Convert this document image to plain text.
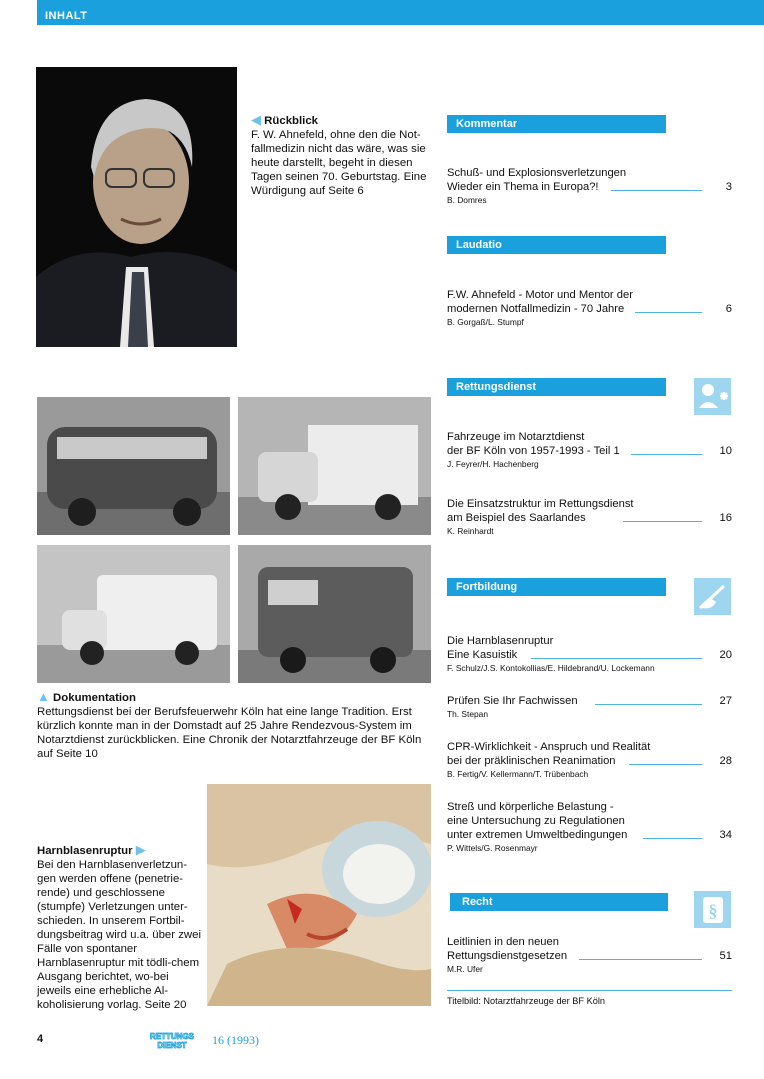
INHALT
◀ Rückblick
F. W. Ahnefeld, ohne den die Not-fallmedizin nicht das wäre, was sie heute darstellt, begeht in diesen Tagen seinen 70. Geburtstag. Eine Würdigung auf Seite 6
▲ Dokumentation
Rettungsdienst bei der Berufsfeuerwehr Köln hat eine lange Tradition. Erst kürzlich konnte man in der Domstadt auf 25 Jahre Rendezvous-System im Notarztdienst zurückblicken. Eine Chronik der Notarztfahrzeuge der BF Köln auf Seite 10
Harnblasenruptur ▶
Bei den Harnblasenverletzun-gen werden offene (penetrie-rende) und geschlossene (stumpfe) Verletzungen unter-schieden. In unserem Fortbil-dungsbeitrag wird u.a. über zwei Fälle von spontaner Harnblasenruptur mit tödli-chem Ausgang berichtet, wo-bei jeweils eine erhebliche Al-koholisierung vorlag. Seite 20
Kommentar
Laudatio
Rettungsdienst
Fortbildung
Recht	§
Schuß- und Explosionsverletzungen
Wieder ein Thema in Europa?!
B. Domres
3
F.W. Ahnefeld - Motor und Mentor der
modernen Notfallmedizin - 70 Jahre
B. Gorgaß/L. Stumpf
6
Fahrzeuge im Notarztdienst
der BF Köln von 1957-1993 - Teil 1
J. Feyrer/H. Hachenberg
10
Die Einsatzstruktur im Rettungsdienst
am Beispiel des Saarlandes
K. Reinhardt
16
Die Harnblasenruptur
Eine Kasuistik
F. Schulz/J.S. Kontokollias/E. Hildebrand/U. Lockemann
20
Prüfen Sie Ihr Fachwissen
Th. Stepan
27
CPR-Wirklichkeit - Anspruch und Realität
bei der präklinischen Reanimation
B. Fertig/V. Kellermann/T. Trübenbach
28
Streß und körperliche Belastung -
eine Untersuchung zu Regulationen
unter extremen Umweltbedingungen
P. Wittels/G. Rosenmayr
34
Leitlinien in den neuen
Rettungsdienstgesetzen
M.R. Ufer
51
Titelbild: Notarztfahrzeuge der BF Köln
4	RETTUNGS
DIENST 16 (1993)
